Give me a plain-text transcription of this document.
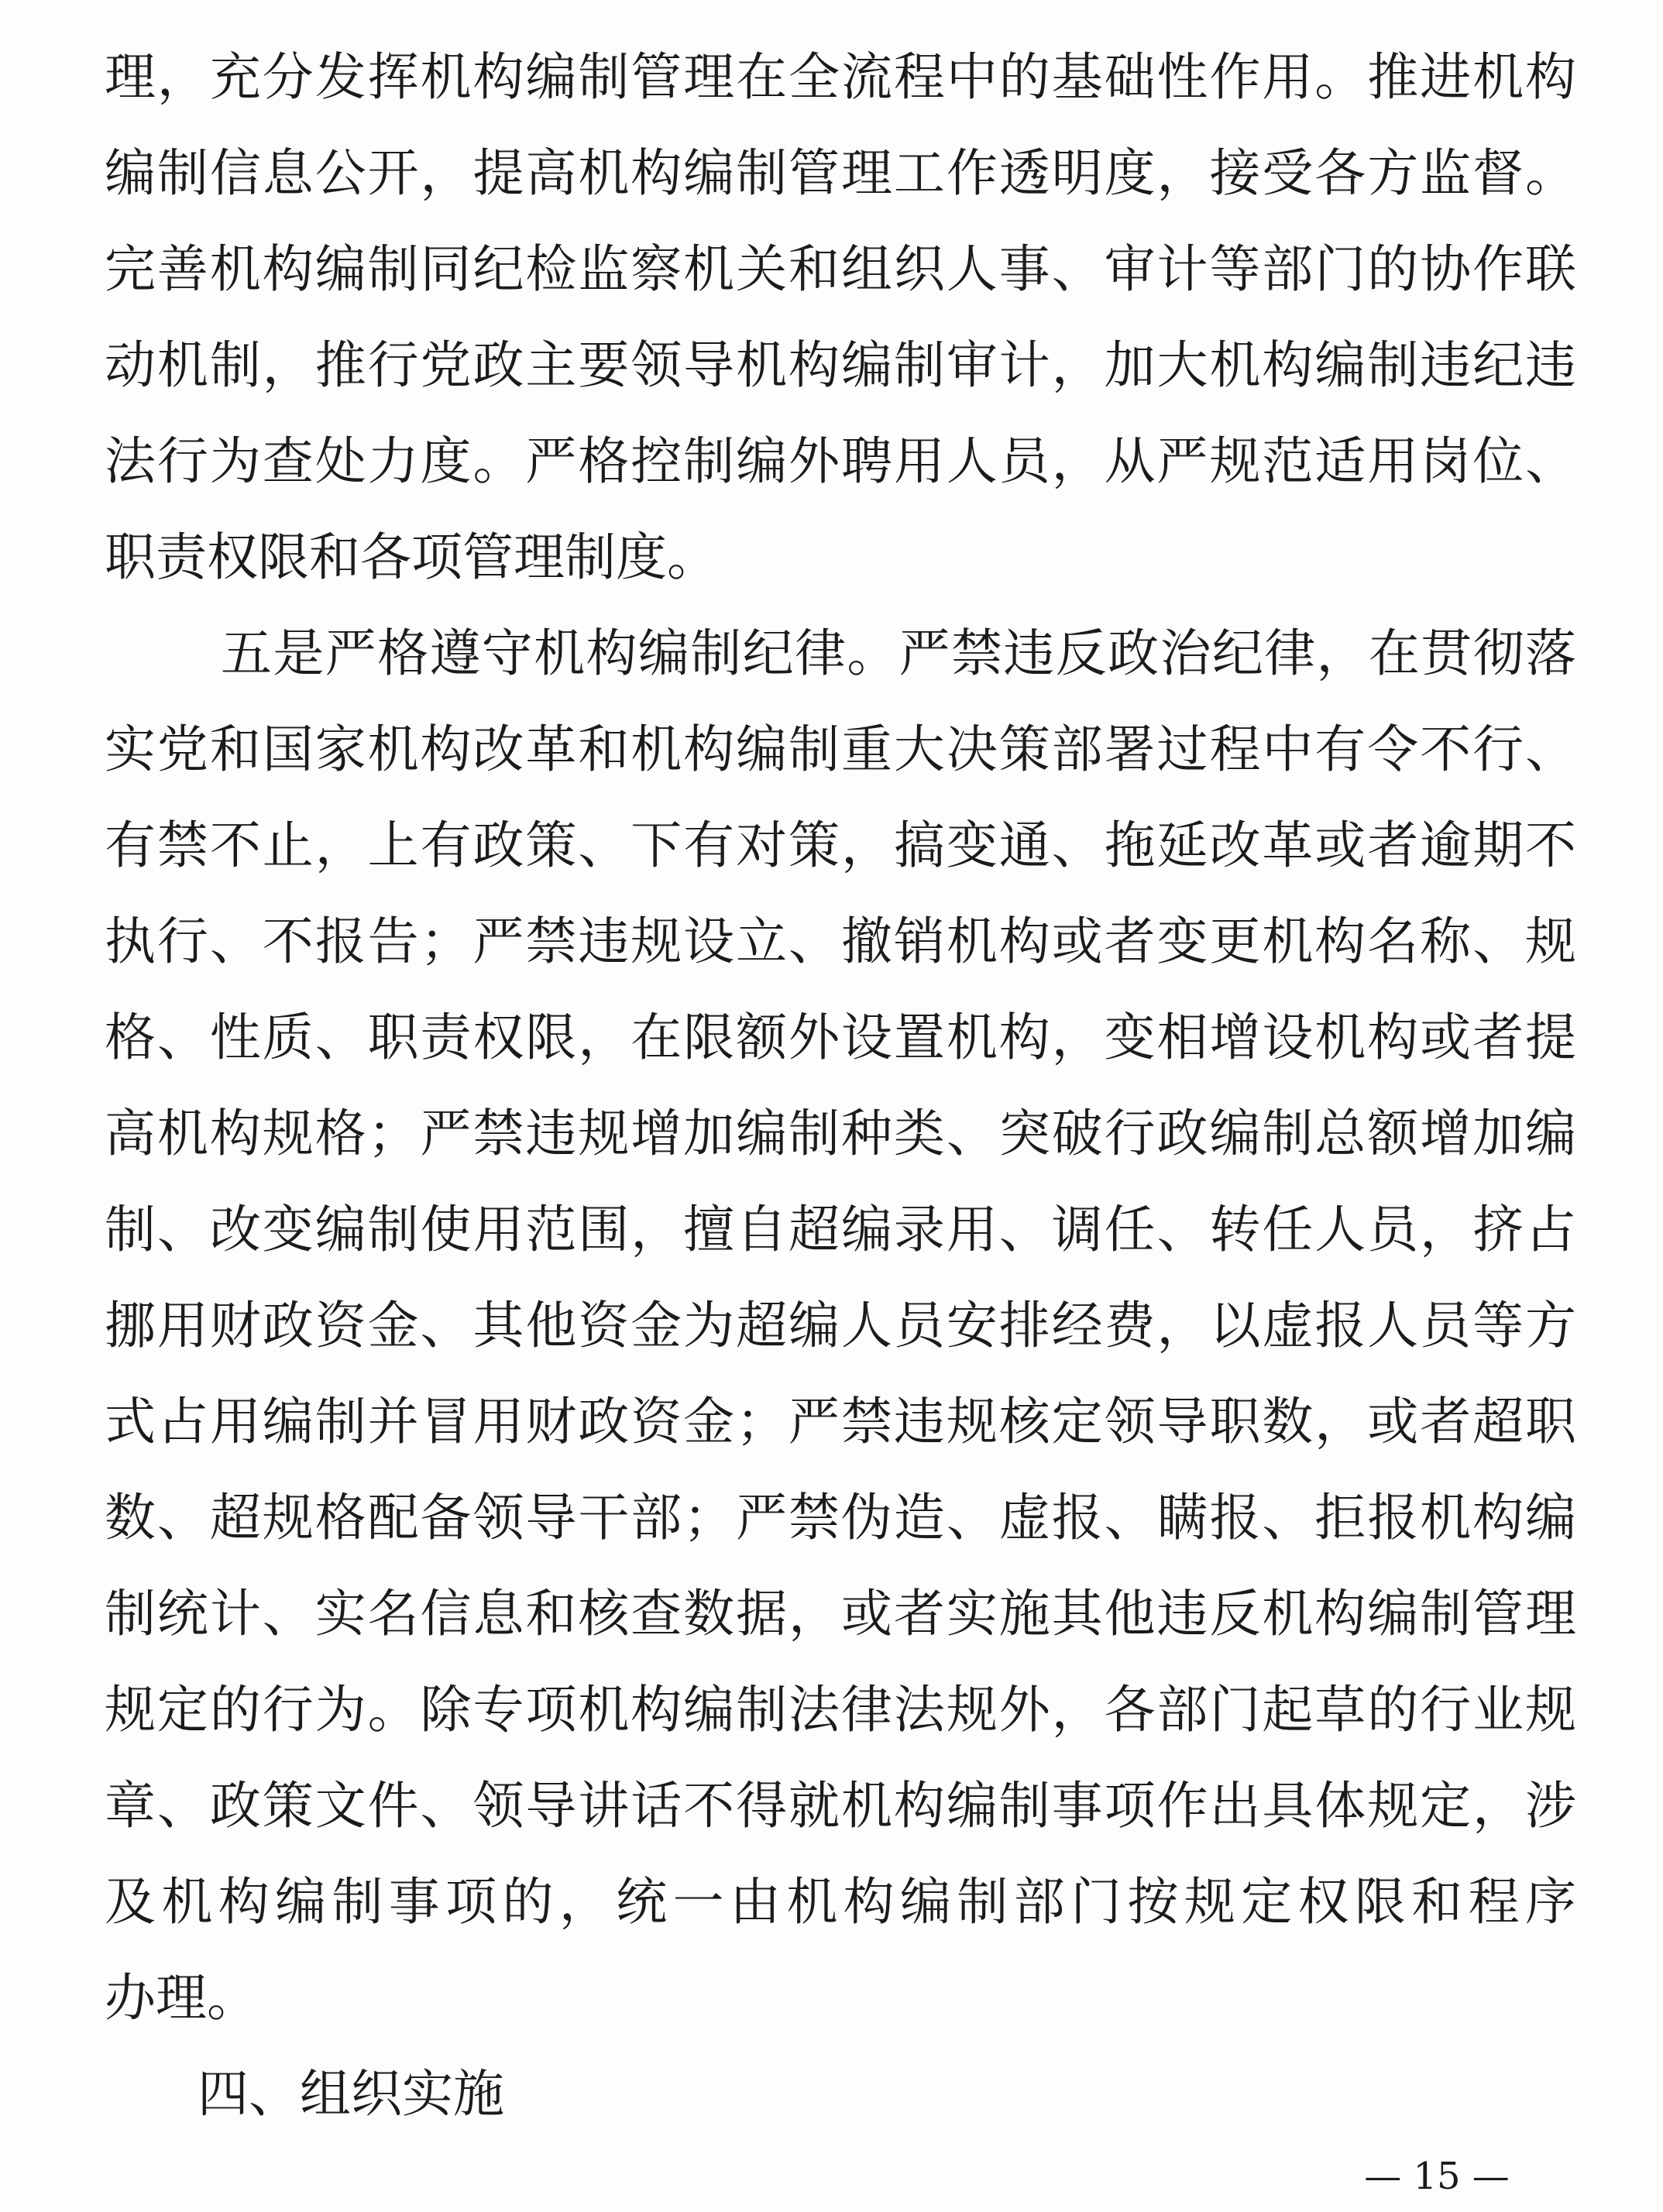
理，充分发挥机构编制管理在全流程中的基础性作用。推进机构
编制信息公开，提高机构编制管理工作透明度，接受各方监督。
完善机构编制同纪检监察机关和组织人事、审计等部门的协作联
动机制，推行党政主要领导机构编制审计，加大机构编制违纪违
法行为查处力度。严格控制编外聘用人员，从严规范适用岗位、
职责权限和各项管理制度。
五是严格遵守机构编制纪律。严禁违反政治纪律，在贯彻落
实党和国家机构改革和机构编制重大决策部署过程中有令不行、
有禁不止，上有政策、下有对策，搞变通、拖延改革或者逾期不
执行、不报告；严禁违规设立、撤销机构或者变更机构名称、规
格、性质、职责权限，在限额外设置机构，变相增设机构或者提
高机构规格；严禁违规增加编制种类、突破行政编制总额增加编
制、改变编制使用范围，擅自超编录用、调任、转任人员，挤占
挪用财政资金、其他资金为超编人员安排经费，以虚报人员等方
式占用编制并冒用财政资金；严禁违规核定领导职数，或者超职
数、超规格配备领导干部；严禁伪造、虚报、瞒报、拒报机构编
制统计、实名信息和核查数据，或者实施其他违反机构编制管理
规定的行为。除专项机构编制法律法规外，各部门起草的行业规
章、政策文件、领导讲话不得就机构编制事项作出具体规定，涉
及机构编制事项的，统一由机构编制部门按规定权限和程序
办理。
四、组织实施
— 15 —
